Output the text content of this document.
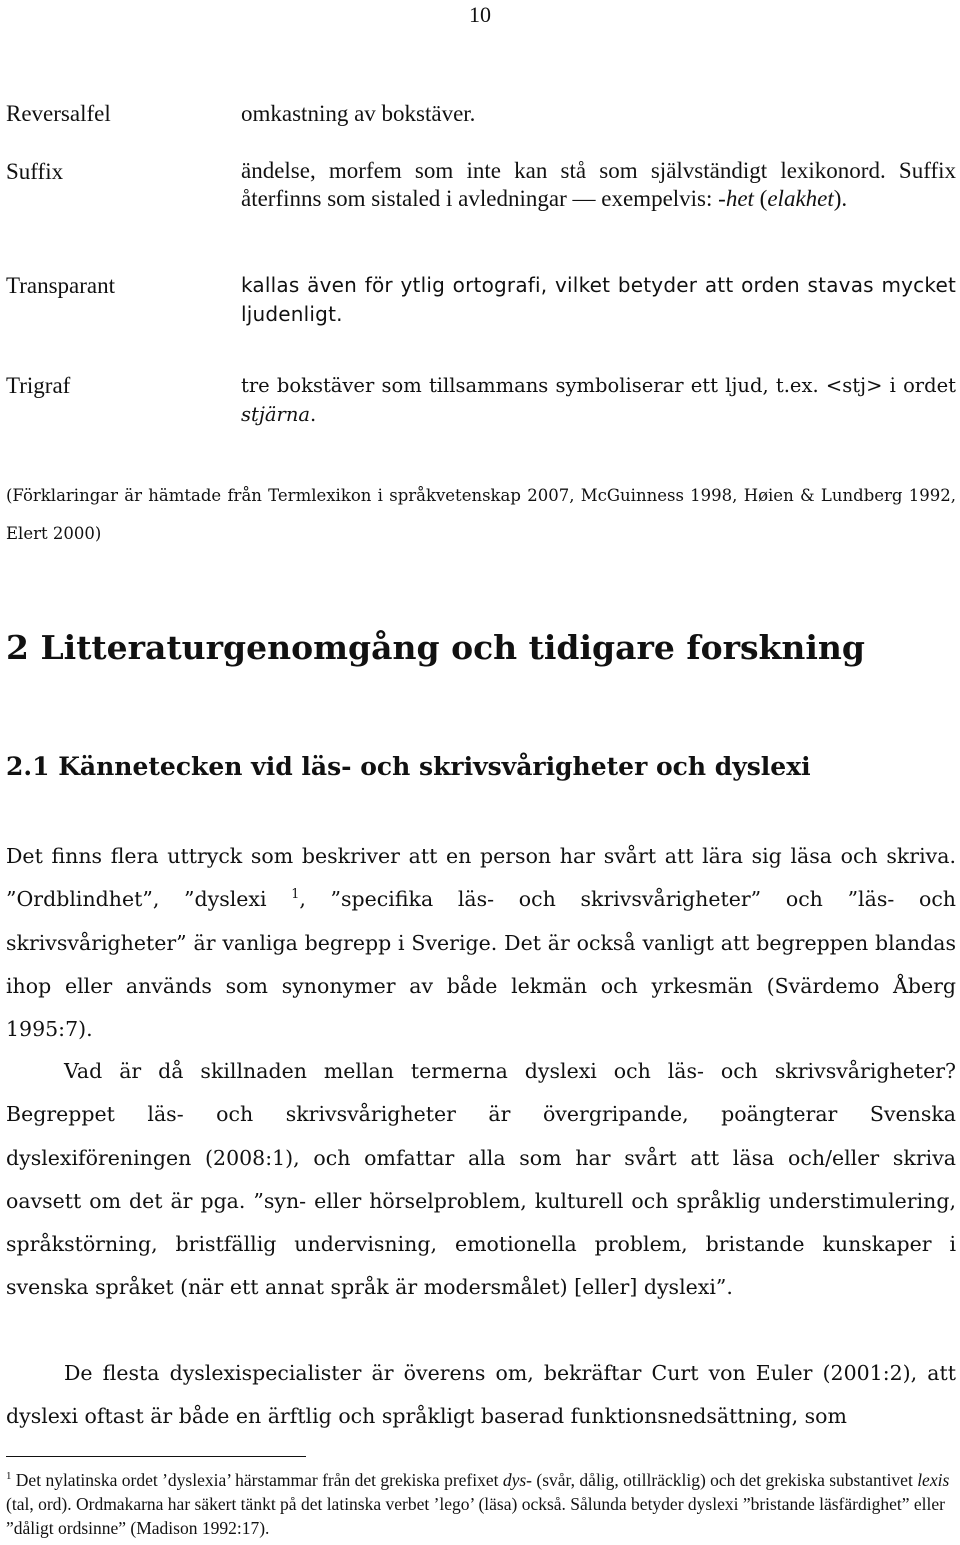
10
Reversalfel	omkastning av bokstäver.
Suffix	ändelse, morfem som inte kan stå som självständigt lexikonord. Suffix återfinns som sistaled i avledningar — exempelvis: -het (elakhet).
Transparant	kallas även för ytlig ortografi, vilket betyder att orden stavas mycket ljudenligt.
Trigraf	tre bokstäver som tillsammans symboliserar ett ljud, t.ex. <stj> i ordet stjärna.

(Förklaringar är hämtade från Termlexikon i språkvetenskap 2007, McGuinness 1998, Høien & Lundberg 1992, Elert 2000)

2 Litteraturgenomgång och tidigare forskning
2.1 Kännetecken vid läs- och skrivsvårigheter och dyslexi

Det finns flera uttryck som beskriver att en person har svårt att lära sig läsa och skriva. ”Ordblindhet”, ”dyslexi $^1$, ”specifika läs- och skrivsvårigheter” och ”läs- och skrivsvårigheter” är vanliga begrepp i Sverige. Det är också vanligt att begreppen blandas ihop eller används som synonymer av både lekmän och yrkesmän (Svärdemo Åberg 1995:7).

Vad är då skillnaden mellan termerna dyslexi och läs- och skrivsvårigheter? Begreppet läs- och skrivsvårigheter är övergripande, poängterar Svenska dyslexiföreningen (2008:1), och omfattar alla som har svårt att läsa och/eller skriva oavsett om det är pga. ”syn- eller hörselproblem, kulturell och språklig understimulering, språkstörning, bristfällig undervisning, emotionella problem, bristande kunskaper i svenska språket (när ett annat språk är modersmålet) [eller] dyslexi”.

De flesta dyslexispecialister är överens om, bekräftar Curt von Euler (2001:2), att dyslexi oftast är både en ärftlig och språkligt baserad funktionsnedsättning, som

$^1$ Det nylatinska ordet ’dyslexia’ härstammar från det grekiska prefixet dys- (svår, dålig, otillräcklig) och det grekiska substantivet lexis (tal, ord). Ordmakarna har säkert tänkt på det latinska verbet ’lego’ (läsa) också. Sålunda betyder dyslexi ”bristande läsfärdighet” eller ”dåligt ordsinne” (Madison 1992:17).
